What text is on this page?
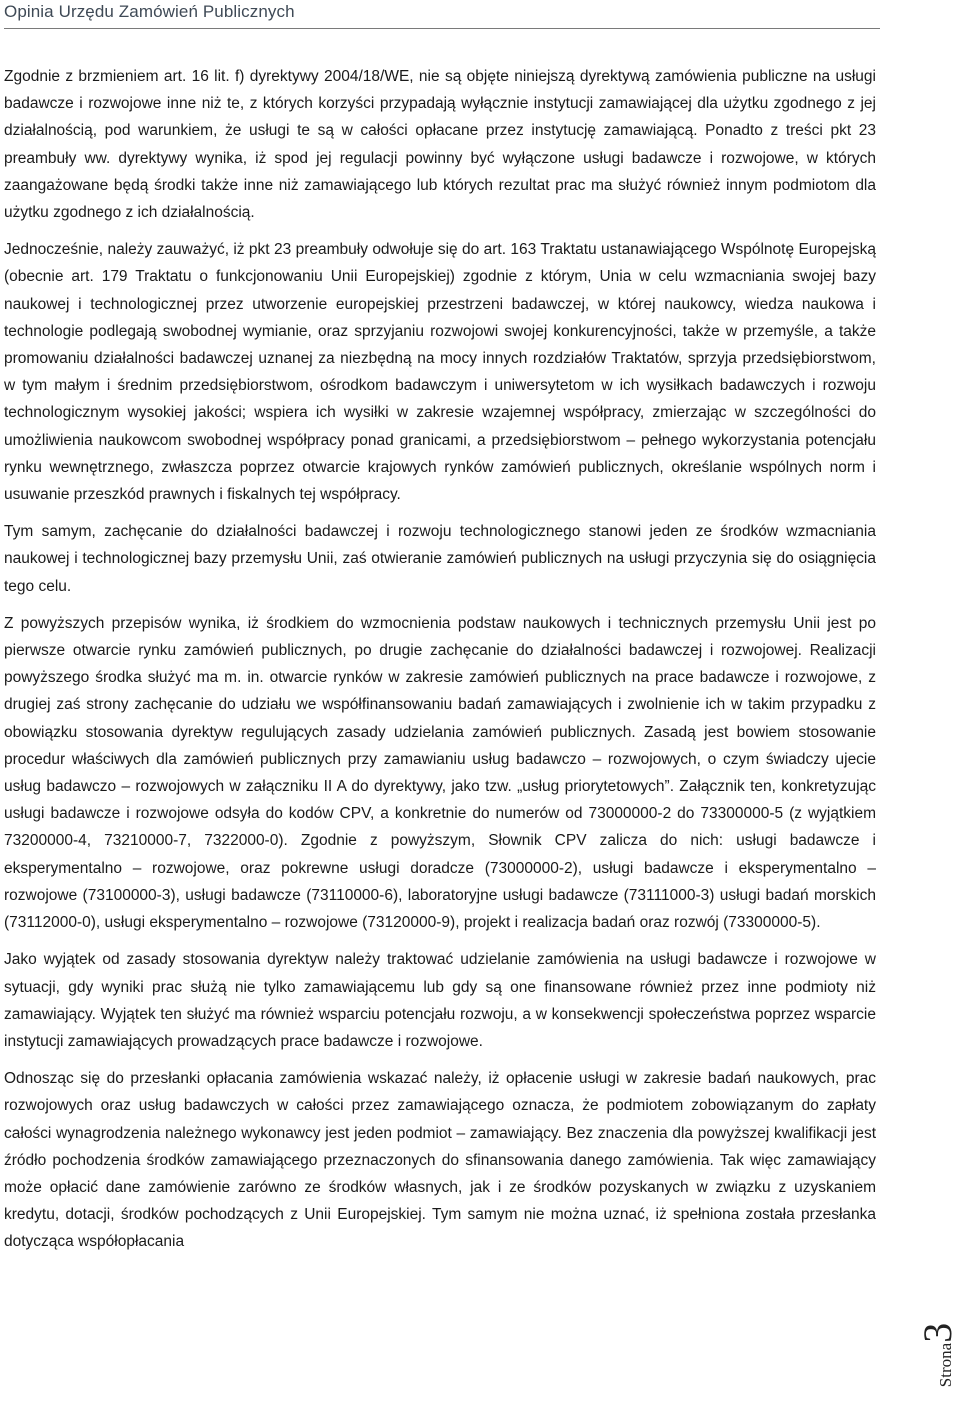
Opinia Urzędu Zamówień Publicznych

Zgodnie z brzmieniem art. 16 lit. f) dyrektywy 2004/18/WE, nie są objęte niniejszą dyrektywą zamówienia publiczne na usługi badawcze i rozwojowe inne niż te, z których korzyści przypadają wyłącznie instytucji zamawiającej dla użytku zgodnego z jej działalnością, pod warunkiem, że usługi te są w całości opłacane przez instytucję zamawiającą. Ponadto z treści pkt 23 preambuły ww. dyrektywy wynika, iż spod jej regulacji powinny być wyłączone usługi badawcze i rozwojowe, w których zaangażowane będą środki także inne niż zamawiającego lub których rezultat prac ma służyć również innym podmiotom dla użytku zgodnego z ich działalnością.

Jednocześnie, należy zauważyć, iż pkt 23 preambuły odwołuje się do art. 163 Traktatu ustanawiającego Wspólnotę Europejską (obecnie art. 179 Traktatu o funkcjonowaniu Unii Europejskiej) zgodnie z którym, Unia w celu wzmacniania swojej bazy naukowej i technologicznej przez utworzenie europejskiej przestrzeni badawczej, w której naukowcy, wiedza naukowa i technologie podlegają swobodnej wymianie, oraz sprzyjaniu rozwojowi swojej konkurencyjności, także w przemyśle, a także promowaniu działalności badawczej uznanej za niezbędną na mocy innych rozdziałów Traktatów, sprzyja przedsiębiorstwom, w tym małym i średnim przedsiębiorstwom, ośrodkom badawczym i uniwersytetom w ich wysiłkach badawczych i rozwoju technologicznym wysokiej jakości; wspiera ich wysiłki w zakresie wzajemnej współpracy, zmierzając w szczególności do umożliwienia naukowcom swobodnej współpracy ponad granicami, a przedsiębiorstwom – pełnego wykorzystania potencjału rynku wewnętrznego, zwłaszcza poprzez otwarcie krajowych rynków zamówień publicznych, określanie wspólnych norm i usuwanie przeszkód prawnych i fiskalnych tej współpracy.

Tym samym, zachęcanie do działalności badawczej i rozwoju technologicznego stanowi jeden ze środków wzmacniania naukowej i technologicznej bazy przemysłu Unii, zaś otwieranie zamówień publicznych na usługi przyczynia się do osiągnięcia tego celu.

Z powyższych przepisów wynika, iż środkiem do wzmocnienia podstaw naukowych i technicznych przemysłu Unii jest po pierwsze otwarcie rynku zamówień publicznych, po drugie zachęcanie do działalności badawczej i rozwojowej. Realizacji powyższego środka służyć ma m. in. otwarcie rynków w zakresie zamówień publicznych na prace badawcze i rozwojowe, z drugiej zaś strony zachęcanie do udziału we współfinansowaniu badań zamawiających i zwolnienie ich w takim przypadku z obowiązku stosowania dyrektyw regulujących zasady udzielania zamówień publicznych. Zasadą jest bowiem stosowanie procedur właściwych dla zamówień publicznych przy zamawianiu usług badawczo – rozwojowych, o czym świadczy ujecie usług badawczo – rozwojowych w załączniku II A do dyrektywy, jako tzw. „usług priorytetowych”. Załącznik ten, konkretyzując usługi badawcze i rozwojowe odsyła do kodów CPV, a konkretnie do numerów od 73000000-2 do 73300000-5 (z wyjątkiem 73200000-4, 73210000-7, 7322000-0). Zgodnie z powyższym, Słownik CPV zalicza do nich: usługi badawcze i eksperymentalno – rozwojowe, oraz pokrewne usługi doradcze (73000000-2), usługi badawcze i eksperymentalno – rozwojowe (73100000-3), usługi badawcze (73110000-6), laboratoryjne usługi badawcze (73111000-3) usługi badań morskich (73112000-0), usługi eksperymentalno – rozwojowe (73120000-9), projekt i realizacja badań oraz rozwój (73300000-5).

Jako wyjątek od zasady stosowania dyrektyw należy traktować udzielanie zamówienia na usługi badawcze i rozwojowe w sytuacji, gdy wyniki prac służą nie tylko zamawiającemu lub gdy są one finansowane również przez inne podmioty niż zamawiający. Wyjątek ten służyć ma również wsparciu potencjału rozwoju, a w konsekwencji społeczeństwa poprzez wsparcie instytucji zamawiających prowadzących prace badawcze i rozwojowe.

Odnosząc się do przesłanki opłacania zamówienia wskazać należy, iż opłacenie usługi w zakresie badań naukowych, prac rozwojowych oraz usług badawczych w całości przez zamawiającego oznacza, że podmiotem zobowiązanym do zapłaty całości wynagrodzenia należnego wykonawcy jest jeden podmiot – zamawiający. Bez znaczenia dla powyższej kwalifikacji jest źródło pochodzenia środków zamawiającego przeznaczonych do sfinansowania danego zamówienia. Tak więc zamawiający może opłacić dane zamówienie zarówno ze środków własnych, jak i ze środków pozyskanych w związku z uzyskaniem kredytu, dotacji, środków pochodzących z Unii Europejskiej. Tym samym nie można uznać, iż spełniona została przesłanka dotycząca współopłacania

Strona3
